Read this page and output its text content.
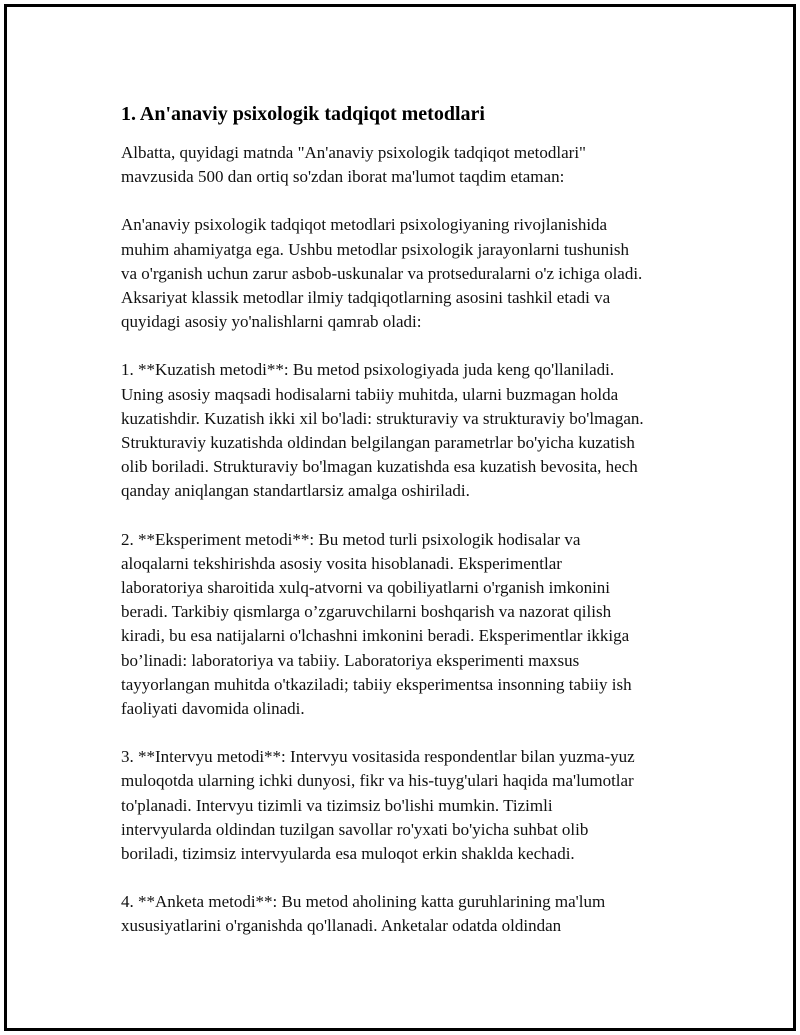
1. An'anaviy psixologik tadqiqot metodlari

Albatta, quyidagi matnda "An'anaviy psixologik tadqiqot metodlari"
mavzusida 500 dan ortiq so'zdan iborat ma'lumot taqdim etaman:

An'anaviy psixologik tadqiqot metodlari psixologiyaning rivojlanishida
muhim ahamiyatga ega. Ushbu metodlar psixologik jarayonlarni tushunish
va o'rganish uchun zarur asbob-uskunalar va protseduralarni o'z ichiga oladi.
Aksariyat klassik metodlar ilmiy tadqiqotlarning asosini tashkil etadi va
quyidagi asosiy yo'nalishlarni qamrab oladi:

1. **Kuzatish metodi**: Bu metod psixologiyada juda keng qo'llaniladi.
Uning asosiy maqsadi hodisalarni tabiiy muhitda, ularni buzmagan holda
kuzatishdir. Kuzatish ikki xil bo'ladi: strukturaviy va strukturaviy bo'lmagan.
Strukturaviy kuzatishda oldindan belgilangan parametrlar bo'yicha kuzatish
olib boriladi. Strukturaviy bo'lmagan kuzatishda esa kuzatish bevosita, hech
qanday aniqlangan standartlarsiz amalga oshiriladi.

2. **Eksperiment metodi**: Bu metod turli psixologik hodisalar va
aloqalarni tekshirishda asosiy vosita hisoblanadi. Eksperimentlar
laboratoriya sharoitida xulq-atvorni va qobiliyatlarni o'rganish imkonini
beradi. Tarkibiy qismlarga o’zgaruvchilarni boshqarish va nazorat qilish
kiradi, bu esa natijalarni o'lchashni imkonini beradi. Eksperimentlar ikkiga
bo’linadi: laboratoriya va tabiiy. Laboratoriya eksperimenti maxsus
tayyorlangan muhitda o'tkaziladi; tabiiy eksperimentsa insonning tabiiy ish
faoliyati davomida olinadi.

3. **Intervyu metodi**: Intervyu vositasida respondentlar bilan yuzma-yuz
muloqotda ularning ichki dunyosi, fikr va his-tuyg'ulari haqida ma'lumotlar
to'planadi. Intervyu tizimli va tizimsiz bo'lishi mumkin. Tizimli
intervyularda oldindan tuzilgan savollar ro'yxati bo'yicha suhbat olib
boriladi, tizimsiz intervyularda esa muloqot erkin shaklda kechadi.

4. **Anketa metodi**: Bu metod aholining katta guruhlarining ma'lum
xususiyatlarini o'rganishda qo'llanadi. Anketalar odatda oldindan
